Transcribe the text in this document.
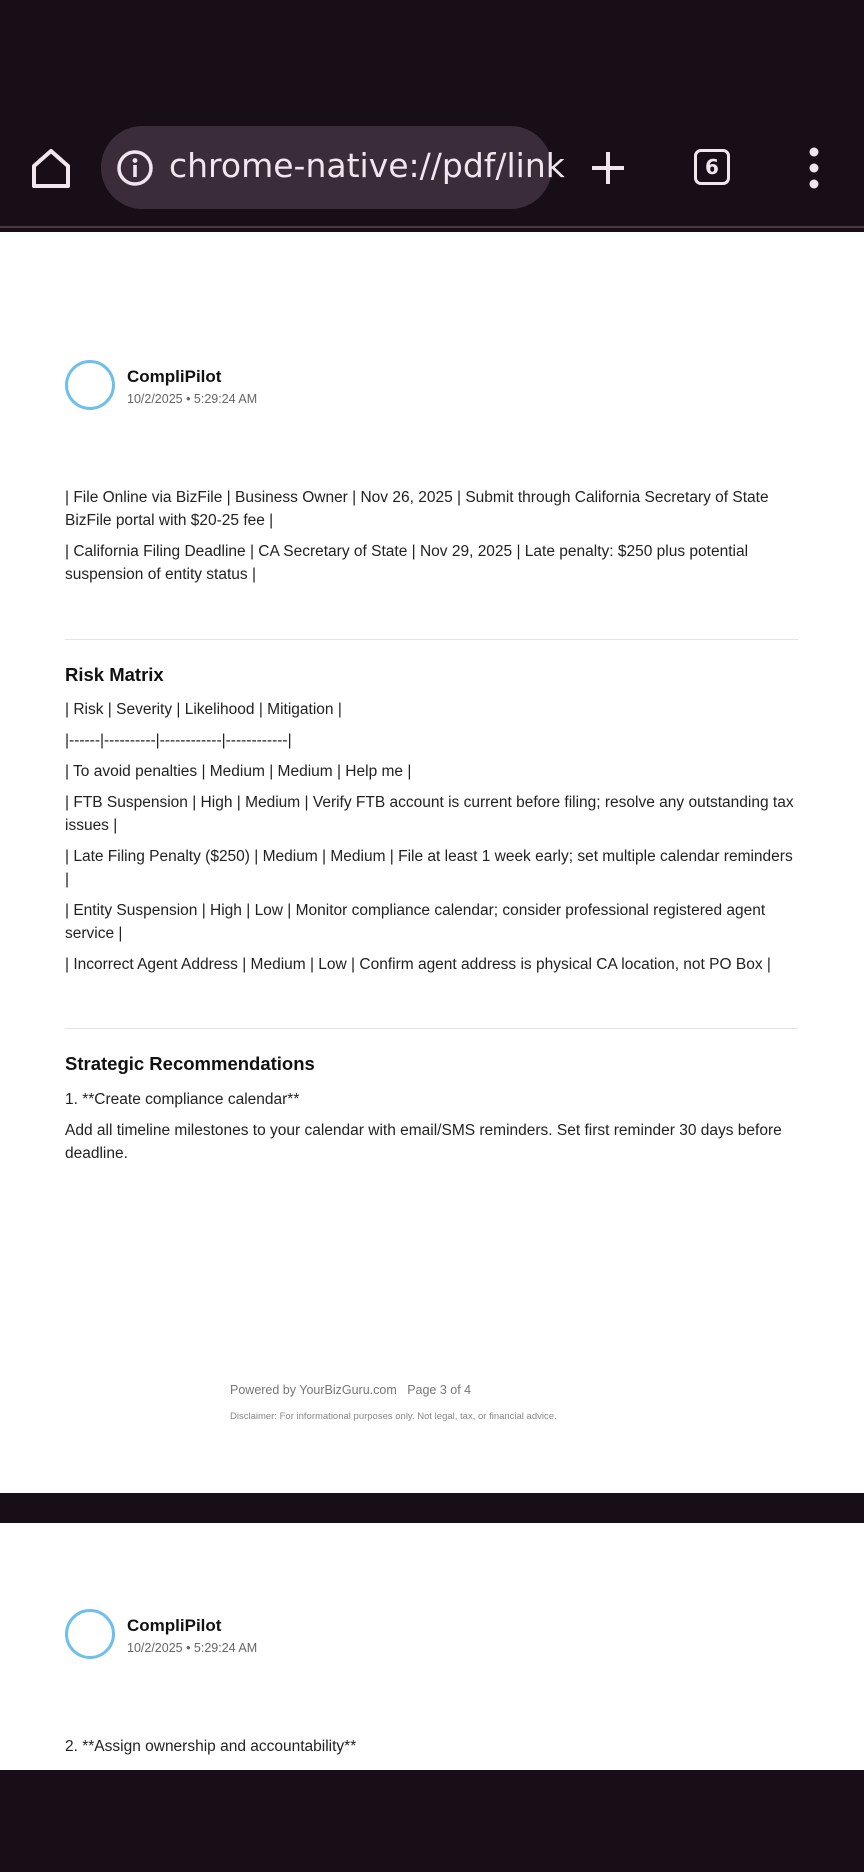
chrome-native://pdf/link	6
CompliPilot
10/2/2025 • 5:29:24 AM
| File Online via BizFile | Business Owner | Nov 26, 2025 | Submit through California Secretary of State BizFile portal with $20-25 fee |
| California Filing Deadline | CA Secretary of State | Nov 29, 2025 | Late penalty: $250 plus potential suspension of entity status |
Risk Matrix
| Risk | Severity | Likelihood | Mitigation |
|------|----------|------------|------------|
| To avoid penalties | Medium | Medium | Help me |
| FTB Suspension | High | Medium | Verify FTB account is current before filing; resolve any outstanding tax issues |
| Late Filing Penalty ($250) | Medium | Medium | File at least 1 week early; set multiple calendar reminders |
| Entity Suspension | High | Low | Monitor compliance calendar; consider professional registered agent service |
| Incorrect Agent Address | Medium | Low | Confirm agent address is physical CA location, not PO Box |
Strategic Recommendations
1. **Create compliance calendar**
Add all timeline milestones to your calendar with email/SMS reminders. Set first reminder 30 days before deadline.
Powered by YourBizGuru.com Page 3 of 4
Disclaimer: For informational purposes only. Not legal, tax, or financial advice.
CompliPilot
10/2/2025 • 5:29:24 AM
2. **Assign ownership and accountability**
